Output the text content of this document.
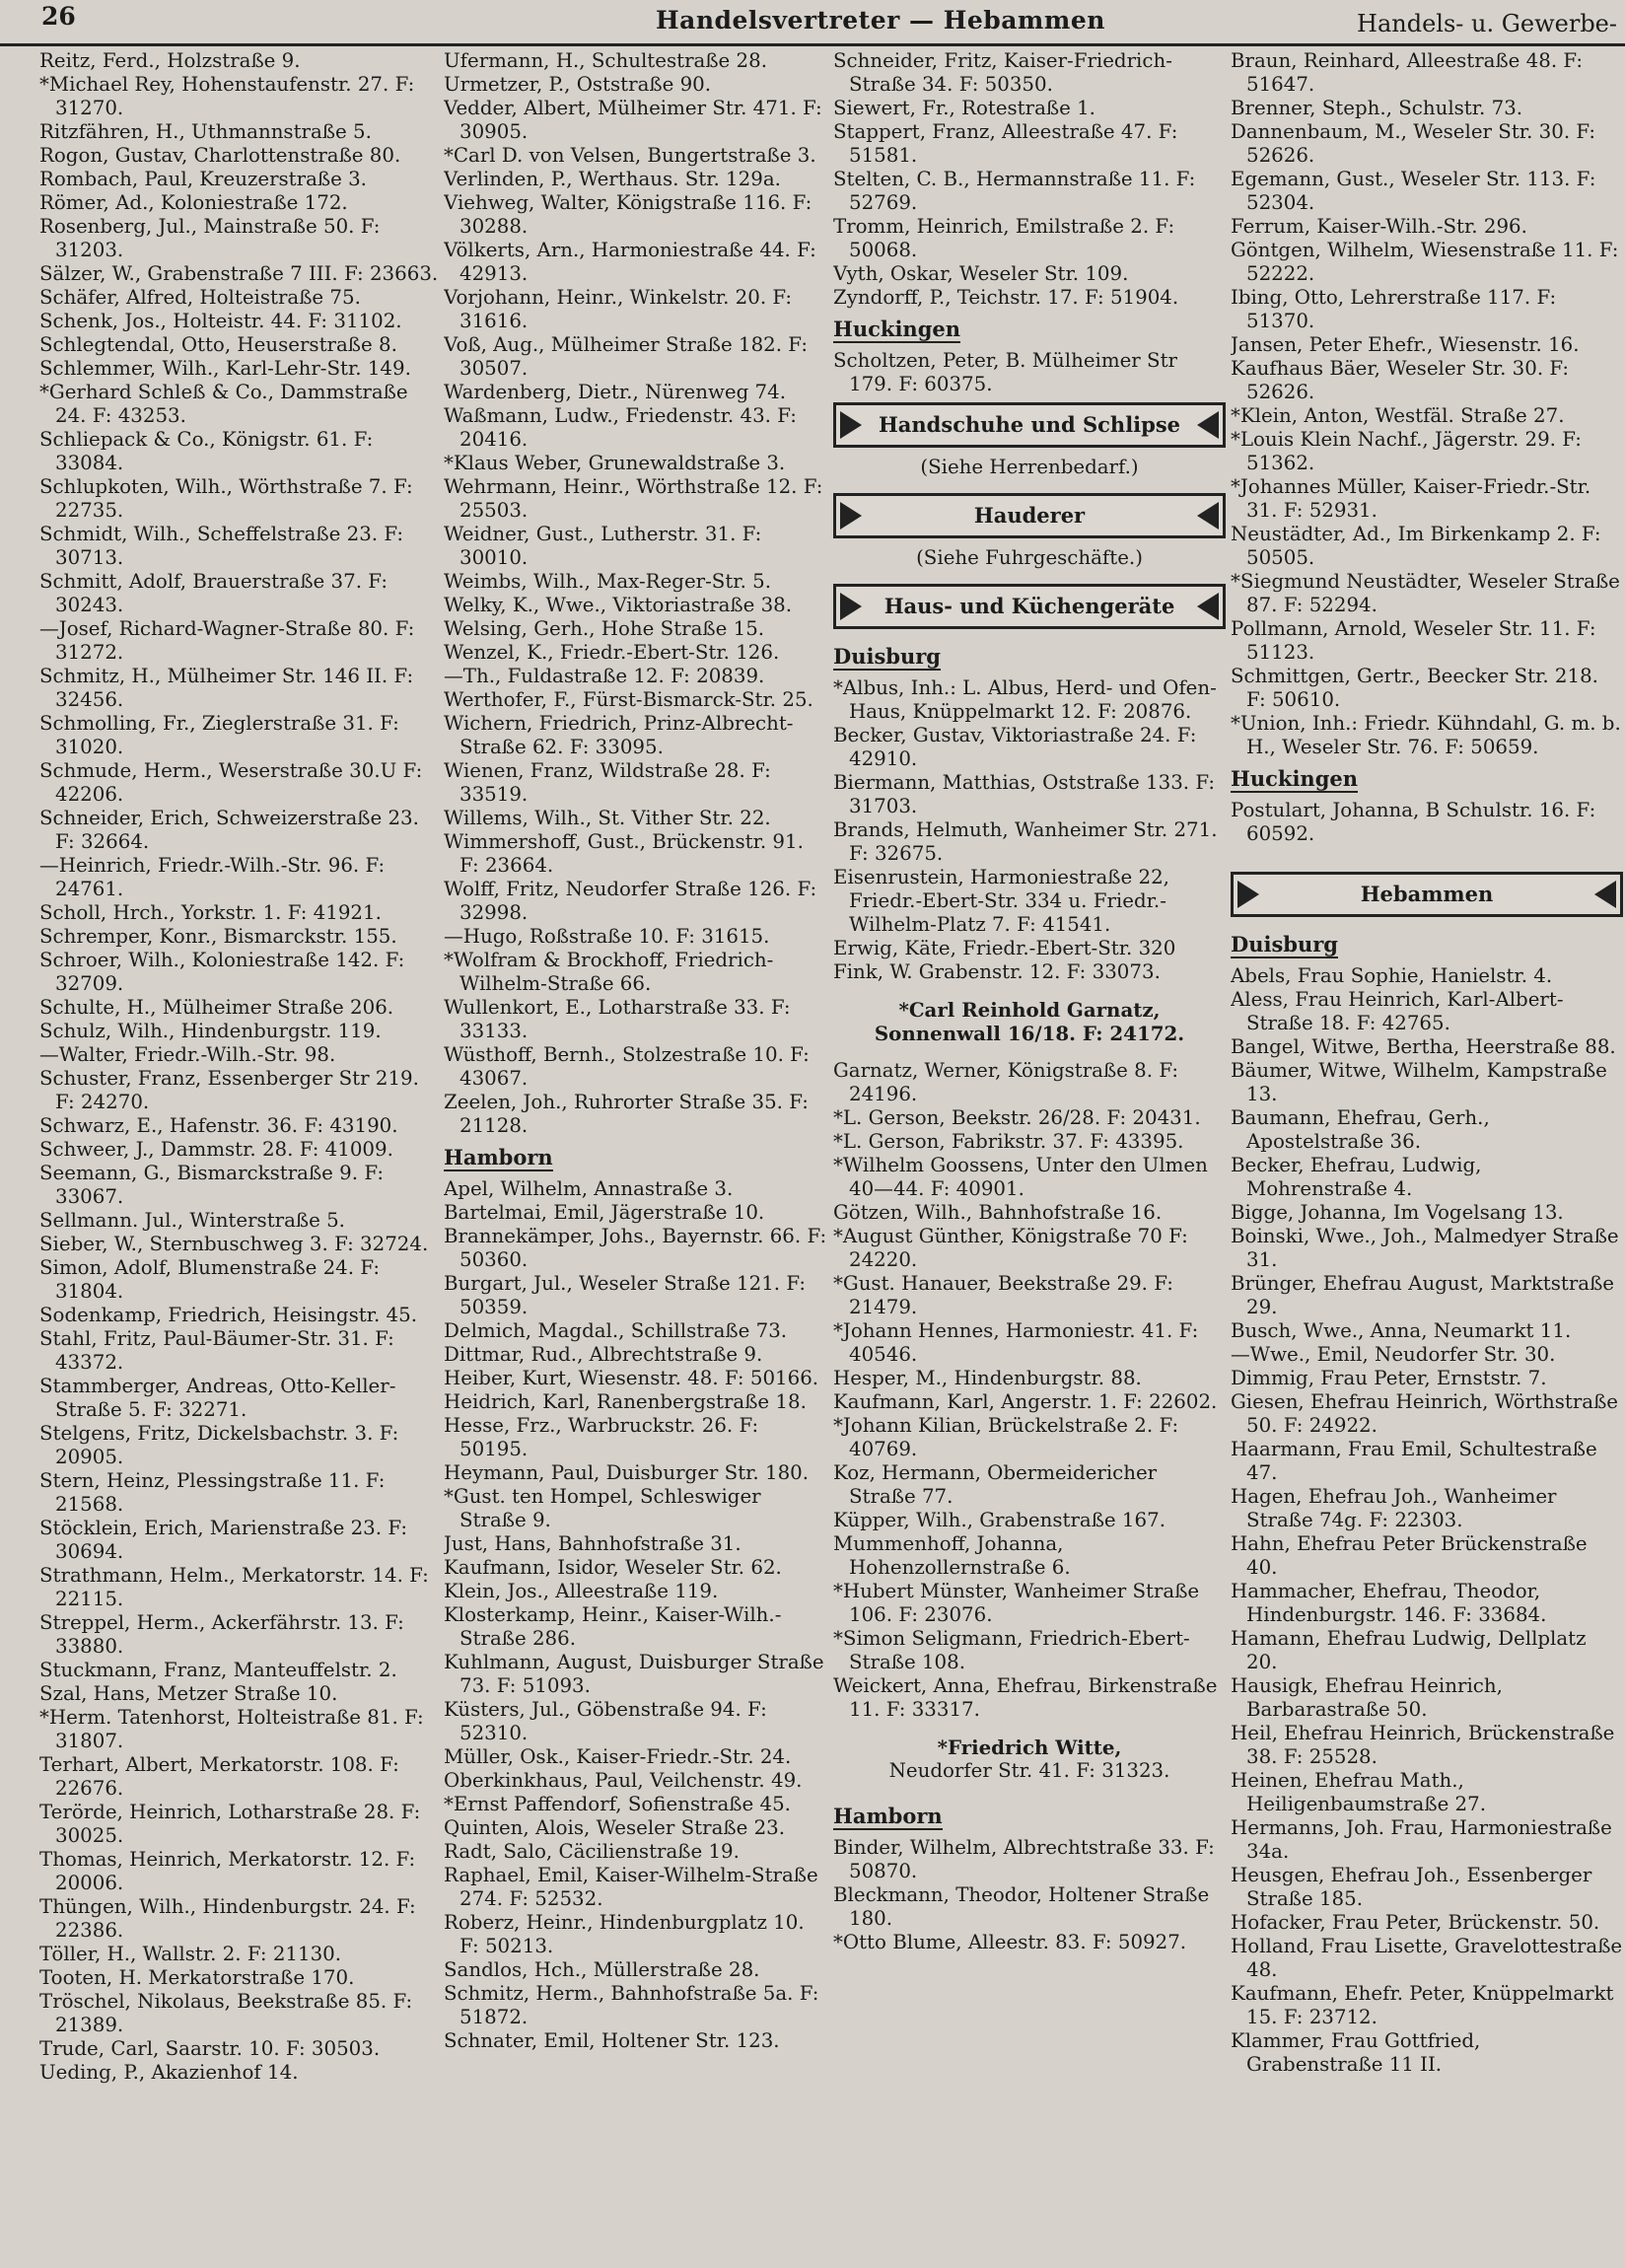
26	Handelsvertreter — Hebammen	Handels- u. Gewerbe-
Reitz, Ferd., Holzstraße 9.
*Michael Rey, Hohenstaufenstr. 27. F: 31270.
Ritzfähren, H., Uthmannstraße 5.
Rogon, Gustav, Charlottenstraße 80.
Rombach, Paul, Kreuzerstraße 3.
Römer, Ad., Koloniestraße 172.
Rosenberg, Jul., Mainstraße 50. F: 31203.
Sälzer, W., Grabenstraße 7 III. F: 23663.
Schäfer, Alfred, Holteistraße 75.
Schenk, Jos., Holteistr. 44. F: 31102.
Schlegtendal, Otto, Heuserstraße 8.
Schlemmer, Wilh., Karl-Lehr-Str. 149.
*Gerhard Schleß & Co., Dammstraße 24. F: 43253.
Schliepack & Co., Königstr. 61. F: 33084.
Schlupkoten, Wilh., Wörthstraße 7. F: 22735.
Schmidt, Wilh., Scheffelstraße 23. F: 30713.
Schmitt, Adolf, Brauerstraße 37. F: 30243.
—Josef, Richard-Wagner-Straße 80. F: 31272.
Schmitz, H., Mülheimer Str. 146 II. F: 32456.
Schmolling, Fr., Zieglerstraße 31. F: 31020.
Schmude, Herm., Weserstraße 30.U F: 42206.
Schneider, Erich, Schweizerstraße 23. F: 32664.
—Heinrich, Friedr.-Wilh.-Str. 96. F: 24761.
Scholl, Hrch., Yorkstr. 1. F: 41921.
Schremper, Konr., Bismarckstr. 155.
Schroer, Wilh., Koloniestraße 142. F: 32709.
Schulte, H., Mülheimer Straße 206.
Schulz, Wilh., Hindenburgstr. 119.
—Walter, Friedr.-Wilh.-Str. 98.
Schuster, Franz, Essenberger Str 219. F: 24270.
Schwarz, E., Hafenstr. 36. F: 43190.
Schweer, J., Dammstr. 28. F: 41009.
Seemann, G., Bismarckstraße 9. F: 33067.
Sellmann. Jul., Winterstraße 5.
Sieber, W., Sternbuschweg 3. F: 32724.
Simon, Adolf, Blumenstraße 24. F: 31804.
Sodenkamp, Friedrich, Heisingstr. 45.
Stahl, Fritz, Paul-Bäumer-Str. 31. F: 43372.
Stammberger, Andreas, Otto-Keller-Straße 5. F: 32271.
Stelgens, Fritz, Dickelsbachstr. 3. F: 20905.
Stern, Heinz, Plessingstraße 11. F: 21568.
Stöcklein, Erich, Marienstraße 23. F: 30694.
Strathmann, Helm., Merkatorstr. 14. F: 22115.
Streppel, Herm., Ackerfährstr. 13. F: 33880.
Stuckmann, Franz, Manteuffelstr. 2.
Szal, Hans, Metzer Straße 10.
*Herm. Tatenhorst, Holteistraße 81. F: 31807.
Terhart, Albert, Merkatorstr. 108. F: 22676.
Terörde, Heinrich, Lotharstraße 28. F: 30025.
Thomas, Heinrich, Merkatorstr. 12. F: 20006.
Thüngen, Wilh., Hindenburgstr. 24. F: 22386.
Töller, H., Wallstr. 2. F: 21130.
Tooten, H. Merkatorstraße 170.
Tröschel, Nikolaus, Beekstraße 85. F: 21389.
Trude, Carl, Saarstr. 10. F: 30503.
Ueding, P., Akazienhof 14.
Ufermann, H., Schultestraße 28.
Urmetzer, P., Oststraße 90.
Vedder, Albert, Mülheimer Str. 471. F: 30905.
*Carl D. von Velsen, Bungertstraße 3.
Verlinden, P., Werthaus. Str. 129a.
Viehweg, Walter, Königstraße 116. F: 30288.
Völkerts, Arn., Harmoniestraße 44. F: 42913.
Vorjohann, Heinr., Winkelstr. 20. F: 31616.
Voß, Aug., Mülheimer Straße 182. F: 30507.
Wardenberg, Dietr., Nürenweg 74.
Waßmann, Ludw., Friedenstr. 43. F: 20416.
*Klaus Weber, Grunewaldstraße 3.
Wehrmann, Heinr., Wörthstraße 12. F: 25503.
Weidner, Gust., Lutherstr. 31. F: 30010.
Weimbs, Wilh., Max-Reger-Str. 5.
Welky, K., Wwe., Viktoriastraße 38.
Welsing, Gerh., Hohe Straße 15.
Wenzel, K., Friedr.-Ebert-Str. 126.
—Th., Fuldastraße 12. F: 20839.
Werthofer, F., Fürst-Bismarck-Str. 25.
Wichern, Friedrich, Prinz-Albrecht-Straße 62. F: 33095.
Wienen, Franz, Wildstraße 28. F: 33519.
Willems, Wilh., St. Vither Str. 22.
Wimmershoff, Gust., Brückenstr. 91. F: 23664.
Wolff, Fritz, Neudorfer Straße 126. F: 32998.
—Hugo, Roßstraße 10. F: 31615.
*Wolfram & Brockhoff, Friedrich-Wilhelm-Straße 66.
Wullenkort, E., Lotharstraße 33. F: 33133.
Wüsthoff, Bernh., Stolzestraße 10. F: 43067.
Zeelen, Joh., Ruhrorter Straße 35. F: 21128.
Hamborn
Apel, Wilhelm, Annastraße 3.
Bartelmai, Emil, Jägerstraße 10.
Brannekämper, Johs., Bayernstr. 66. F: 50360.
Burgart, Jul., Weseler Straße 121. F: 50359.
Delmich, Magdal., Schillstraße 73.
Dittmar, Rud., Albrechtstraße 9.
Heiber, Kurt, Wiesenstr. 48. F: 50166.
Heidrich, Karl, Ranenbergstraße 18.
Hesse, Frz., Warbruckstr. 26. F: 50195.
Heymann, Paul, Duisburger Str. 180.
*Gust. ten Hompel, Schleswiger Straße 9.
Just, Hans, Bahnhofstraße 31.
Kaufmann, Isidor, Weseler Str. 62.
Klein, Jos., Alleestraße 119.
Klosterkamp, Heinr., Kaiser-Wilh.-Straße 286.
Kuhlmann, August, Duisburger Straße 73. F: 51093.
Küsters, Jul., Göbenstraße 94. F: 52310.
Müller, Osk., Kaiser-Friedr.-Str. 24.
Oberkinkhaus, Paul, Veilchenstr. 49.
*Ernst Paffendorf, Sofienstraße 45.
Quinten, Alois, Weseler Straße 23.
Radt, Salo, Cäcilienstraße 19.
Raphael, Emil, Kaiser-Wilhelm-Straße 274. F: 52532.
Roberz, Heinr., Hindenburgplatz 10. F: 50213.
Sandlos, Hch., Müllerstraße 28.
Schmitz, Herm., Bahnhofstraße 5a. F: 51872.
Schnater, Emil, Holtener Str. 123.
Schneider, Fritz, Kaiser-Friedrich-Straße 34. F: 50350.
Siewert, Fr., Rotestraße 1.
Stappert, Franz, Alleestraße 47. F: 51581.
Stelten, C. B., Hermannstraße 11. F: 52769.
Tromm, Heinrich, Emilstraße 2. F: 50068.
Vyth, Oskar, Weseler Str. 109.
Zyndorff, P., Teichstr. 17. F: 51904.
Huckingen
Scholtzen, Peter, B. Mülheimer Str 179. F: 60375.
Handschuhe und Schlipse
(Siehe Herrenbedarf.)
Hauderer
(Siehe Fuhrgeschäfte.)
Haus- und Küchengeräte
Duisburg
*Albus, Inh.: L. Albus, Herd- und Ofen-Haus, Knüppelmarkt 12. F: 20876.
Becker, Gustav, Viktoriastraße 24. F: 42910.
Biermann, Matthias, Oststraße 133. F: 31703.
Brands, Helmuth, Wanheimer Str. 271. F: 32675.
Eisenrustein, Harmoniestraße 22, Friedr.-Ebert-Str. 334 u. Friedr.-Wilhelm-Platz 7. F: 41541.
Erwig, Käte, Friedr.-Ebert-Str. 320
Fink, W. Grabenstr. 12. F: 33073.
*Carl Reinhold Garnatz,
Sonnenwall 16/18. F: 24172.
Garnatz, Werner, Königstraße 8. F: 24196.
*L. Gerson, Beekstr. 26/28. F: 20431.
*L. Gerson, Fabrikstr. 37. F: 43395.
*Wilhelm Goossens, Unter den Ulmen 40—44. F: 40901.
Götzen, Wilh., Bahnhofstraße 16.
*August Günther, Königstraße 70 F: 24220.
*Gust. Hanauer, Beekstraße 29. F: 21479.
*Johann Hennes, Harmoniestr. 41. F: 40546.
Hesper, M., Hindenburgstr. 88.
Kaufmann, Karl, Angerstr. 1. F: 22602.
*Johann Kilian, Brückelstraße 2. F: 40769.
Koz, Hermann, Obermeidericher Straße 77.
Küpper, Wilh., Grabenstraße 167.
Mummenhoff, Johanna, Hohenzollernstraße 6.
*Hubert Münster, Wanheimer Straße 106. F: 23076.
*Simon Seligmann, Friedrich-Ebert-Straße 108.
Weickert, Anna, Ehefrau, Birkenstraße 11. F: 33317.
*Friedrich Witte,
Neudorfer Str. 41. F: 31323.
Hamborn
Binder, Wilhelm, Albrechtstraße 33. F: 50870.
Bleckmann, Theodor, Holtener Straße 180.
*Otto Blume, Alleestr. 83. F: 50927.
Braun, Reinhard, Alleestraße 48. F: 51647.
Brenner, Steph., Schulstr. 73.
Dannenbaum, M., Weseler Str. 30. F: 52626.
Egemann, Gust., Weseler Str. 113. F: 52304.
Ferrum, Kaiser-Wilh.-Str. 296.
Göntgen, Wilhelm, Wiesenstraße 11. F: 52222.
Ibing, Otto, Lehrerstraße 117. F: 51370.
Jansen, Peter Ehefr., Wiesenstr. 16.
Kaufhaus Bäer, Weseler Str. 30. F: 52626.
*Klein, Anton, Westfäl. Straße 27.
*Louis Klein Nachf., Jägerstr. 29. F: 51362.
*Johannes Müller, Kaiser-Friedr.-Str. 31. F: 52931.
Neustädter, Ad., Im Birkenkamp 2. F: 50505.
*Siegmund Neustädter, Weseler Straße 87. F: 52294.
Pollmann, Arnold, Weseler Str. 11. F: 51123.
Schmittgen, Gertr., Beecker Str. 218. F: 50610.
*Union, Inh.: Friedr. Kühndahl, G. m. b. H., Weseler Str. 76. F: 50659.
Huckingen
Postulart, Johanna, B Schulstr. 16. F: 60592.
Hebammen
Duisburg
Abels, Frau Sophie, Hanielstr. 4.
Aless, Frau Heinrich, Karl-Albert-Straße 18. F: 42765.
Bangel, Witwe, Bertha, Heerstraße 88.
Bäumer, Witwe, Wilhelm, Kampstraße 13.
Baumann, Ehefrau, Gerh., Apostelstraße 36.
Becker, Ehefrau, Ludwig, Mohrenstraße 4.
Bigge, Johanna, Im Vogelsang 13.
Boinski, Wwe., Joh., Malmedyer Straße 31.
Brünger, Ehefrau August, Marktstraße 29.
Busch, Wwe., Anna, Neumarkt 11.
—Wwe., Emil, Neudorfer Str. 30.
Dimmig, Frau Peter, Ernststr. 7.
Giesen, Ehefrau Heinrich, Wörthstraße 50. F: 24922.
Haarmann, Frau Emil, Schultestraße 47.
Hagen, Ehefrau Joh., Wanheimer Straße 74g. F: 22303.
Hahn, Ehefrau Peter Brückenstraße 40.
Hammacher, Ehefrau, Theodor, Hindenburgstr. 146. F: 33684.
Hamann, Ehefrau Ludwig, Dellplatz 20.
Hausigk, Ehefrau Heinrich, Barbarastraße 50.
Heil, Ehefrau Heinrich, Brückenstraße 38. F: 25528.
Heinen, Ehefrau Math., Heiligenbaumstraße 27.
Hermanns, Joh. Frau, Harmoniestraße 34a.
Heusgen, Ehefrau Joh., Essenberger Straße 185.
Hofacker, Frau Peter, Brückenstr. 50.
Holland, Frau Lisette, Gravelottestraße 48.
Kaufmann, Ehefr. Peter, Knüppelmarkt 15. F: 23712.
Klammer, Frau Gottfried, Grabenstraße 11 II.
